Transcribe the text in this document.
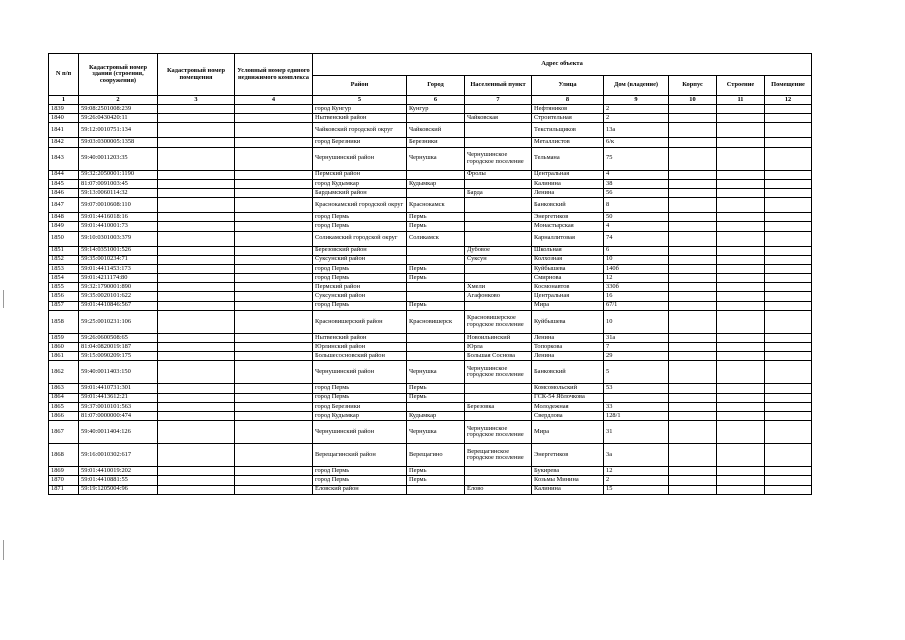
N п/п	Кадастровый номер здания (строения, сооружения)	Кадастровый номер помещения	Условный номер единого недвижимого комплекса	Адрес объекта							
				Район	Город	Населенный пункт	Улица	Дом (владение)	Корпус	Строение	Помещение
1	2	3	4	5	6	7	8	9	10	11	12
1839	59:08:2501008:239			город Кунгур	Кунгур		Нефтяников	2			
1840	59:26:0430420:11			Нытвенский район		Чайковская	Строительная	2			
1841	59:12:0010751:134			Чайковский городской округ	Чайковский		Текстильщиков	13а			
1842	59:03:0300005:1358			город Березники	Березники		Металлистов	6/к			
1843	59:40:0011203:35			Чернушинский район	Чернушка	Чернушинское городское поселение	Тельмана	75			
1844	59:32:2050001:1190			Пермский район		Фролы	Центральная	4			
1845	81:07:0091003:45			город Кудымкар	Кудымкар		Калинина	38			
1846	59:13:0060114:32			Бардымский район		Барда	Ленина	56			
1847	59:07:0010608:110			Краснокамский городской округ	Краснокамск		Банковский	8			
1848	59:01:4416018:16			город Пермь	Пермь		Энергетиков	50			
1849	59:01:4410001:73			город Пермь	Пермь		Монастырская	4			
1850	59:10:0301003:379			Соликамский городской округ	Соликамск		Карналлитовая	74			
1851	59:14:0351001:526			Березовский район		Дубовое	Школьная	6			
1852	59:35:0010234:71			Суксунский район		Суксун	Колхозная	10			
1853	59:01:4411453:173			город Пермь	Пермь		Куйбышева	140б			
1854	59:01:4211174:80			город Пермь	Пермь		Смирнова	12			
1855	59:32:1790001:890			Пермский район		Хмели	Космонавтов	330б			
1856	59:35:0020101:622			Суксунский район		Агафонково	Центральная	16			
1857	59:01:4410846:567			город Пермь	Пермь		Мира	67/1			
1858	59:25:0010231:106			Красновишерский район	Красновишерск	Красновишерское городское поселение	Куйбышева	10			
1859	59:26:0600508:65			Нытвенский район		Новоильинский	Ленина	31а			
1860	81:04:0820019:187			Юрлинский район		Юрла	Топоркова	7			
1861	59:15:0090209:175			Большесосновский район		Большая Соснова	Ленина	29			
1862	59:40:0011403:150			Чернушинский район	Чернушка	Чернушинское городское поселение	Банковский	5			
1863	59:01:4410731:301			город Пермь	Пермь		Комсомольский	53			
1864	59:01:4413612:21			город Пермь	Пермь		ГСК-54 Яблочкова				
1865	59:37:0010101:563			город Березники		Березовка	Молодежная	33			
1866	81:07:0000000:474			город Кудымкар	Кудымкар		Свердлова	128/1			
1867	59:40:0011404:126			Чернушинский район	Чернушка	Чернушинское городское поселение	Мира	31			
1868	59:16:0010302:617			Верещагинский район	Верещагино	Верещагинское городское поселение	Энергетиков	3а			
1869	59:01:4410019:202			город Пермь	Пермь		Букирева	12			
1870	59:01:4410881:55			город Пермь	Пермь		Козьмы Минина	2			
1871	59:19:1205004:96			Еловский район		Елово	Калинина	15			
